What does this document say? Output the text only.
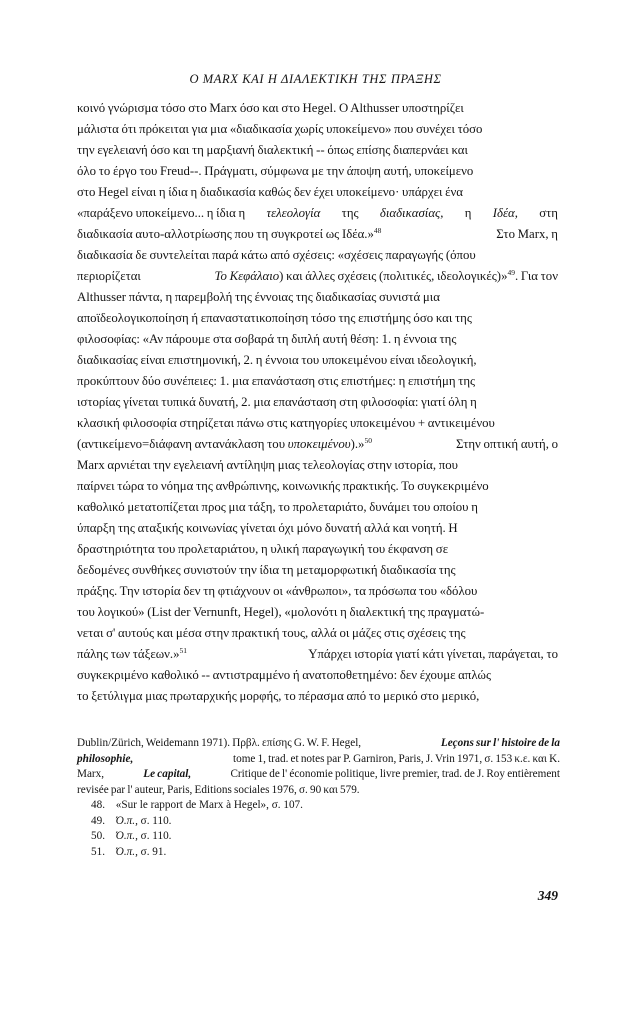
Ο MARX ΚΑΙ Η ΔΙΑΛΕΚΤΙΚΗ ΤΗΣ ΠΡΑΞΗΣ
κοινό γνώρισμα τόσο στο Marx όσο και στο Hegel. O Althusser υποστηρίζει
μάλιστα ότι πρόκειται για μια «διαδικασία χωρίς υποκείμενο» που συνέχει τόσο
την εγελειανή όσο και τη μαρξιανή διαλεκτική -- όπως επίσης διαπερνάει και
όλο το έργο του Freud--. Πράγματι, σύμφωνα με την άποψη αυτή, υποκείμενο
στο Hegel είναι η ίδια η διαδικασία καθώς δεν έχει υποκείμενο· υπάρχει ένα
«παράξενο υποκείμενο... η ίδια η τελεολογία της διαδικασίας, η Ιδέα, στη
διαδικασία αυτο-αλλοτρίωσης που τη συγκροτεί ως Ιδέα.»$^{48}$	Στο Marx, η
διαδικασία δε συντελείται παρά κάτω από σχέσεις: «σχέσεις παραγωγής (όπου
περιορίζεται	Το Κεφάλαιο) και άλλες σχέσεις (πολιτικές, ιδεολογικές)»$^{49}$. Για τον
Althusser πάντα, η παρεμβολή της έννοιας της διαδικασίας συνιστά μια
αποϊδεολογικοποίηση ή επαναστατικοποίηση τόσο της επιστήμης όσο και της
φιλοσοφίας: «Αν πάρουμε στα σοβαρά τη διπλή αυτή θέση: 1. η έννοια της
διαδικασίας είναι επιστημονική, 2. η έννοια του υποκειμένου είναι ιδεολογική,
προκύπτουν δύο συνέπειες: 1. μια επανάσταση στις επιστήμες: η επιστήμη της
ιστορίας γίνεται τυπικά δυνατή, 2. μια επανάσταση στη φιλοσοφία: γιατί όλη η
κλασική φιλοσοφία στηρίζεται πάνω στις κατηγορίες υποκειμένου + αντικειμένου
(αντικείμενο=διάφανη αντανάκλαση του υποκειμένου).»$^{50}$	Στην οπτική αυτή, ο
Marx αρνιέται την εγελειανή αντίληψη μιας τελεολογίας στην ιστορία, που
παίρνει τώρα το νόημα της ανθρώπινης, κοινωνικής πρακτικής. Το συγκεκριμένο
καθολικό μετατοπίζεται προς μια τάξη, το προλεταριάτο, δυνάμει του οποίου η
ύπαρξη της αταξικής κοινωνίας γίνεται όχι μόνο δυνατή αλλά και νοητή. Η
δραστηριότητα του προλεταριάτου, η υλική παραγωγική του έκφανση σε
δεδομένες συνθήκες συνιστούν την ίδια τη μεταμορφωτική διαδικασία της
πράξης. Την ιστορία δεν τη φτιάχνουν οι «άνθρωποι», τα πρόσωπα του «δόλου
του λογικού» (List der Vernunft, Hegel), «μολονότι η διαλεκτική της πραγματώ-
νεται σ' αυτούς και μέσα στην πρακτική τους, αλλά οι μάζες στις σχέσεις της
πάλης των τάξεων.»$^{51}$	Υπάρχει ιστορία γιατί κάτι γίνεται, παράγεται, το
συγκεκριμένο καθολικό -- αντιστραμμένο ή ανατοποθετημένο: δεν έχουμε απλώς
το ξετύλιγμα μιας πρωταρχικής μορφής, το πέρασμα από το μερικό στο μερικό,
Dublin/Zürich, Weidemann 1971). Πρβλ. επίσης G. W. F. Hegel,	Leçons sur l' histoire de la
philosophie,	tome 1, trad. et notes par P. Garniron, Paris, J. Vrin 1971, σ. 153 κ.ε. και K.
Marx,	Le capital,	Critique de l' économie politique, livre premier, trad. de J. Roy entièrement
revisée par l' auteur, Paris, Editions sociales 1976, σ. 90 και 579.
48. «Sur le rapport de Marx à Hegel», σ. 107.
49. Ό.π., σ. 110.
50. Ό.π., σ. 110.
51. Ό.π., σ. 91.
349
